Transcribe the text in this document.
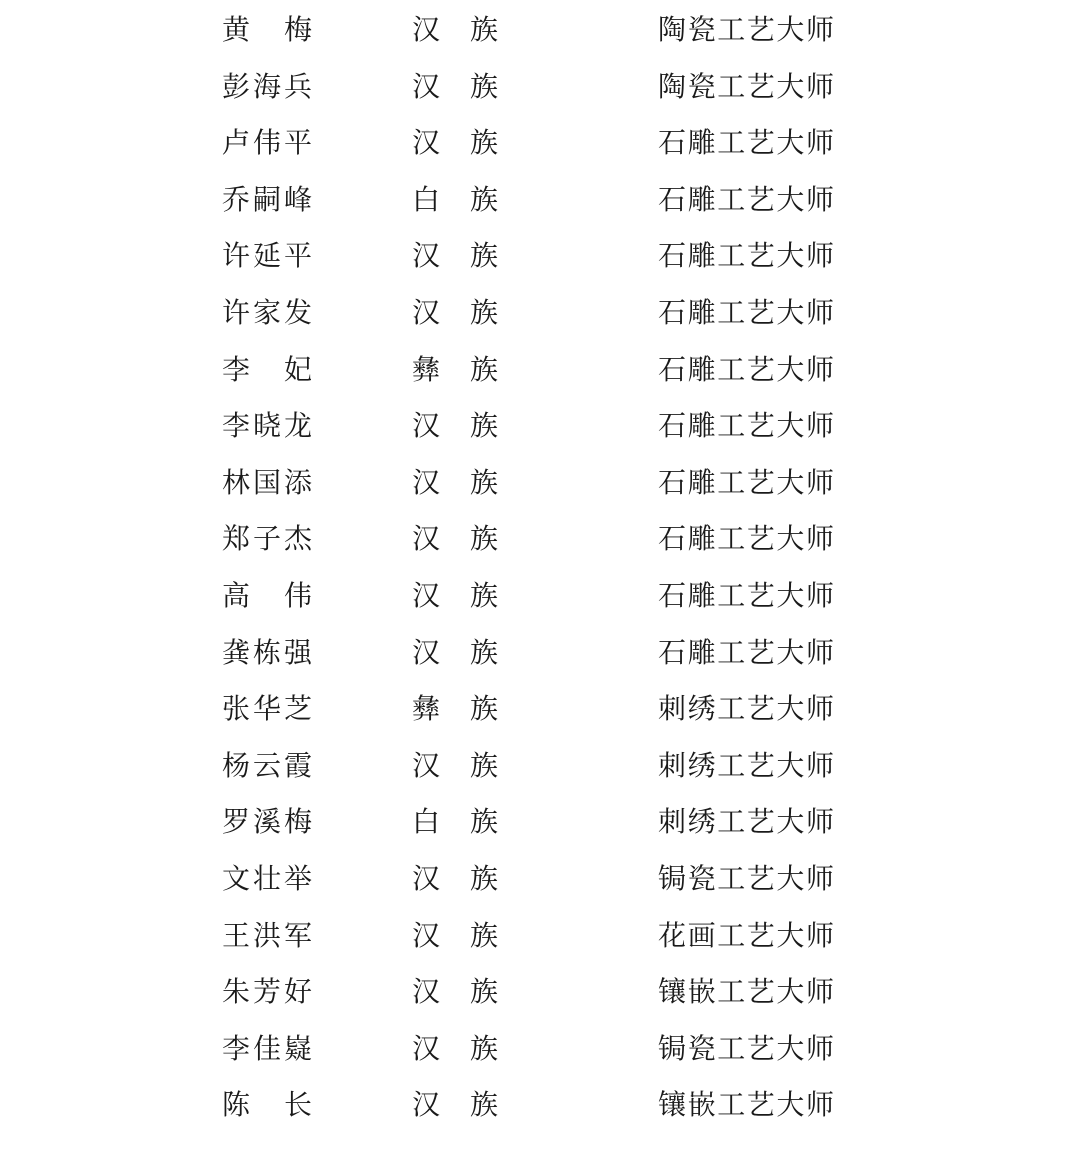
黄 梅	汉 族	陶 瓷 工 艺 大 师
彭 海 兵	汉 族	陶 瓷 工 艺 大 师
卢 伟 平	汉 族	石 雕 工 艺 大 师
乔 嗣 峰	白 族	石 雕 工 艺 大 师
许 延 平	汉 族	石 雕 工 艺 大 师
许 家 发	汉 族	石 雕 工 艺 大 师
李 妃	彝 族	石 雕 工 艺 大 师
李 晓 龙	汉 族	石 雕 工 艺 大 师
林 国 添	汉 族	石 雕 工 艺 大 师
郑 子 杰	汉 族	石 雕 工 艺 大 师
高 伟	汉 族	石 雕 工 艺 大 师
龚 栋 强	汉 族	石 雕 工 艺 大 师
张 华 芝	彝 族	刺 绣 工 艺 大 师
杨 云 霞	汉 族	刺 绣 工 艺 大 师
罗 溪 梅	白 族	刺 绣 工 艺 大 师
文 壮 举	汉 族	锔 瓷 工 艺 大 师
王 洪 军	汉 族	花 画 工 艺 大 师
朱 芳 好	汉 族	镶 嵌 工 艺 大 师
李 佳 嶷	汉 族	锔 瓷 工 艺 大 师
陈 长	汉 族	镶 嵌 工 艺 大 师
